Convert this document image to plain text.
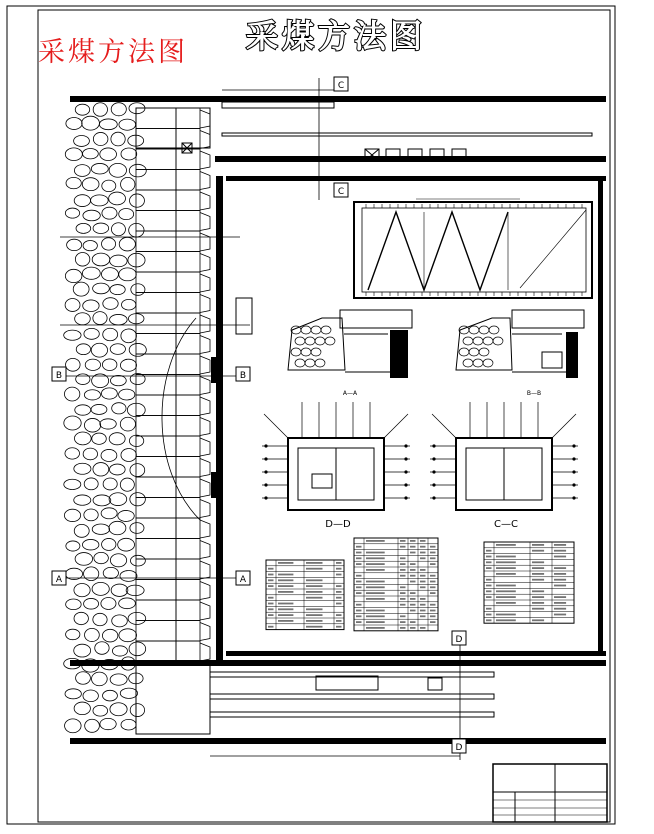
C
C
B	B
A	A
D
D
D—D	C—C
A—A	B—B
采煤方法图	采煤方法图
